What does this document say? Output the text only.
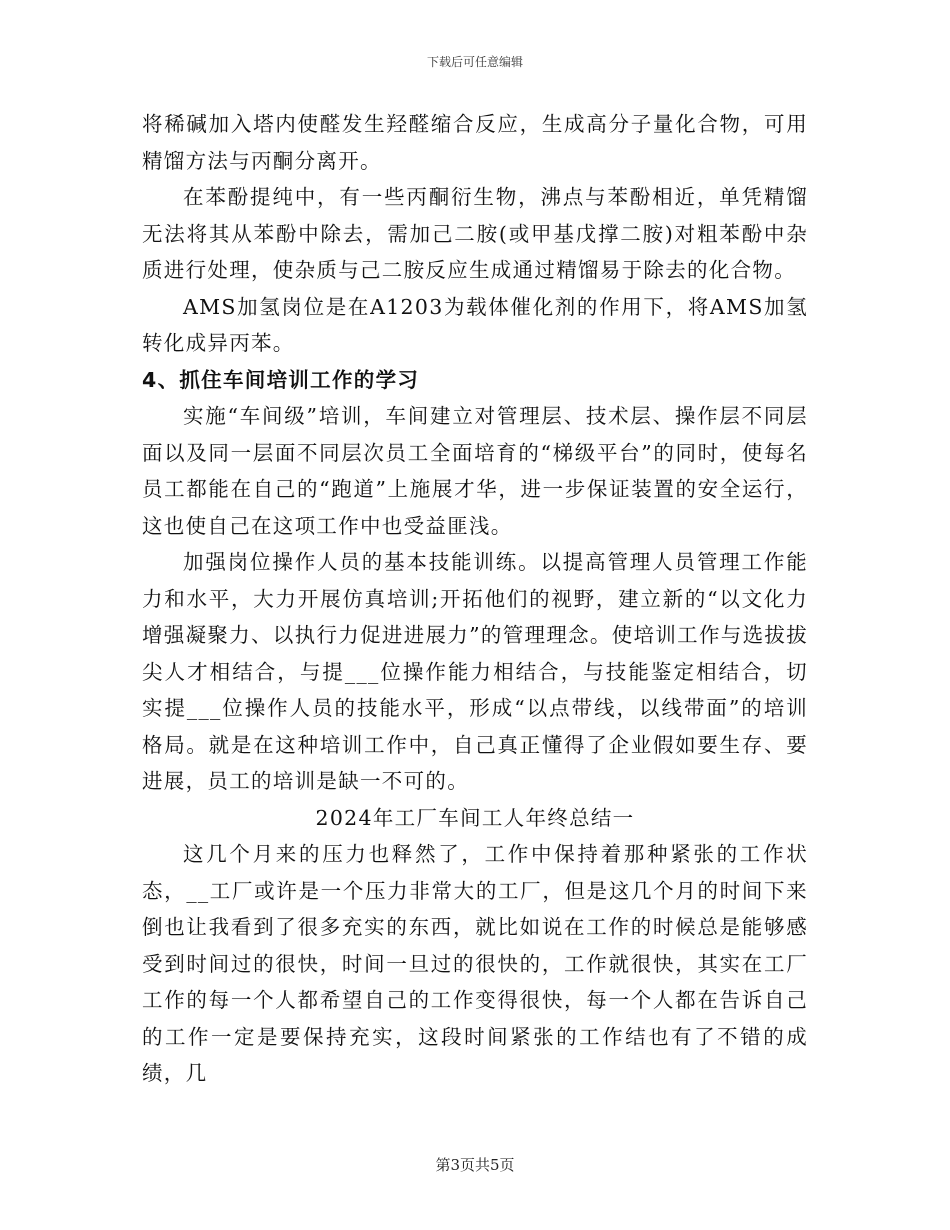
下载后可任意编辑

将稀碱加入塔内使醛发生羟醛缩合反应，生成高分子量化合物，可用精馏方法与丙酮分离开。

在苯酚提纯中，有一些丙酮衍生物，沸点与苯酚相近，单凭精馏无法将其从苯酚中除去，需加己二胺(或甲基戊撑二胺)对粗苯酚中杂质进行处理，使杂质与己二胺反应生成通过精馏易于除去的化合物。

AMS加氢岗位是在A1203为载体催化剂的作用下，将AMS加氢转化成异丙苯。

4、抓住车间培训工作的学习

实施“车间级”培训，车间建立对管理层、技术层、操作层不同层面以及同一层面不同层次员工全面培育的“梯级平台”的同时，使每名员工都能在自己的“跑道”上施展才华，进一步保证装置的安全运行，这也使自己在这项工作中也受益匪浅。

加强岗位操作人员的基本技能训练。以提高管理人员管理工作能力和水平，大力开展仿真培训;开拓他们的视野，建立新的“以文化力增强凝聚力、以执行力促进进展力”的管理理念。使培训工作与选拔拔尖人才相结合，与提___位操作能力相结合，与技能鉴定相结合，切实提___位操作人员的技能水平，形成“以点带线，以线带面”的培训格局。就是在这种培训工作中，自己真正懂得了企业假如要生存、要进展，员工的培训是缺一不可的。

2024年工厂车间工人年终总结一

这几个月来的压力也释然了，工作中保持着那种紧张的工作状态，__工厂或许是一个压力非常大的工厂，但是这几个月的时间下来倒也让我看到了很多充实的东西，就比如说在工作的时候总是能够感受到时间过的很快，时间一旦过的很快的，工作就很快，其实在工厂工作的每一个人都希望自己的工作变得很快，每一个人都在告诉自己的工作一定是要保持充实，这段时间紧张的工作结也有了不错的成绩，几

第3页共5页
